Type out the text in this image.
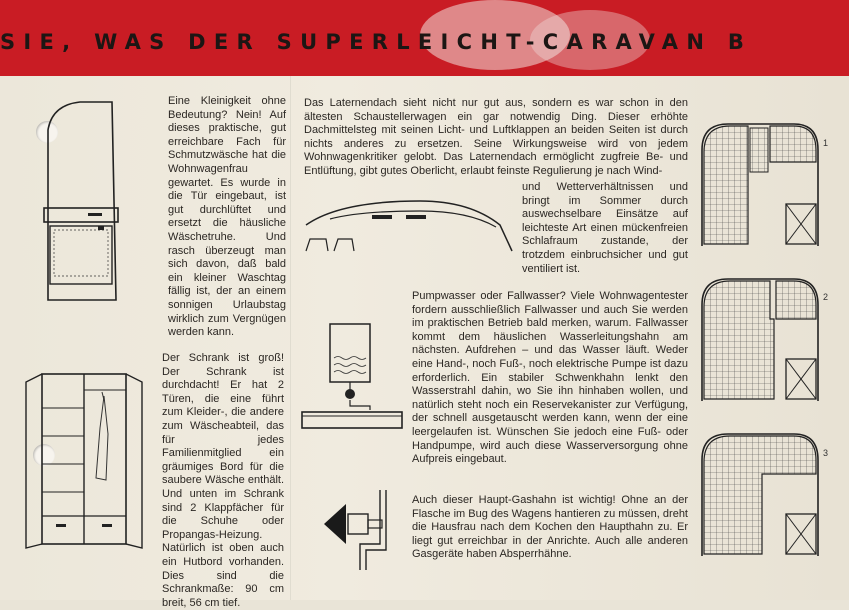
SIE, WAS DER SUPERLEICHT-CARAVAN B
Eine Kleinigkeit ohne Bedeutung? Nein! Auf dieses praktische, gut erreichbare Fach für Schmutzwäsche hat die Wohnwagenfrau gewartet. Es wurde in die Tür eingebaut, ist gut durchlüftet und ersetzt die häusliche Wäschetruhe. Und rasch überzeugt man sich davon, daß bald ein kleiner Waschtag fällig ist, der an einem sonnigen Urlaubstag wirklich zum Vergnügen werden kann.
Der Schrank ist groß! Der Schrank ist durchdacht! Er hat 2 Türen, die eine führt zum Kleider-, die andere zum Wäscheabteil, das für jedes Familienmitglied ein gräumiges Bord für die saubere Wäsche enthält. Und unten im Schrank sind 2 Klappfächer für die Schuhe oder Propangas-Heizung. Natürlich ist oben auch ein Hutbord vorhanden. Dies sind die Schrankmaße: 90 cm breit, 56 cm tief.
Das Laternendach sieht nicht nur gut aus, sondern es war schon in den ältesten Schaustellerwagen ein gar notwendig Ding. Dieser erhöhte Dachmittelsteg mit seinen Licht- und Luftklappen an beiden Seiten ist durch nichts anderes zu ersetzen. Seine Wirkungsweise wird von jedem Wohnwagenkritiker gelobt. Das Laternendach ermöglicht zugfreie Be- und Entlüftung, gibt gutes Oberlicht, erlaubt feinste Regulierung je nach Wind-
und Wetterverhältnissen und bringt im Sommer durch auswechselbare Einsätze auf leichteste Art einen mückenfreien Schlafraum zustande, der trotzdem einbruchsicher und gut ventiliert ist.
Pumpwasser oder Fallwasser? Viele Wohnwagentester fordern ausschließlich Fallwasser und auch Sie werden im praktischen Betrieb bald merken, warum. Fallwasser kommt dem häuslichen Wasserleitungshahn am nächsten. Aufdrehen – und das Wasser läuft. Weder eine Hand-, noch Fuß-, noch elektrische Pumpe ist dazu erforderlich. Ein stabiler Schwenkhahn lenkt den Wasserstrahl dahin, wo Sie ihn hinhaben wollen, und natürlich steht noch ein Reservekanister zur Verfügung, der schnell ausgetauscht werden kann, wenn der eine leergelaufen ist. Wünschen Sie jedoch eine Fuß- oder Handpumpe, wird auch diese Wasserversorgung ohne Aufpreis eingebaut.
Auch dieser Haupt-Gashahn ist wichtig! Ohne an der Flasche im Bug des Wagens hantieren zu müssen, dreht die Hausfrau nach dem Kochen den Haupthahn zu. Er liegt gut erreichbar in der Anrichte. Auch alle anderen Gasgeräte haben Absperrhähne.
1
2
3
